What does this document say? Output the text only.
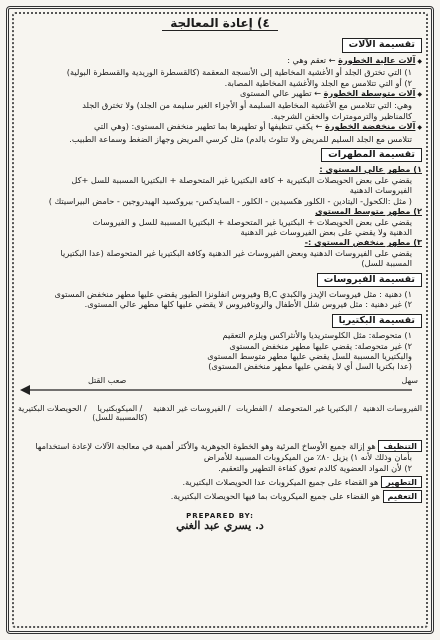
٤) إعادة المعالجة
تقسيمة الآلات

◆ آلات عالية الخطورة ← تعقم وهي :

١) التي تخترق الجلد أو الأغشية المخاطية إلى الأنسجة المعقمة (كالقسطرة الوريدية والقسطرة البولية)

٢) أو التي تتلامس مع الجلد والأغشية المخاطية المصابة.

◆ آلات متوسطة الخطورة ← تطهير عالي المستوى

وهي: التي تتلامس مع الأغشية المخاطية السليمة أو الأجزاء الغير سليمة من الجلد) ولا تخترق الجلد

كالمناظير والترمومترات والحقن الشرجية.

◆ آلات منخفضة الخطورة ← يكفي تنظيفها أو تطهيرها بما تطهير منخفض المستوى: (وهي التي

تتلامس مع الجلد السليم للمريض ولا تتلوث بالدم) مثل كرسي المريض وجهاز الضغط وسماعة الطبيب.

تقسيمة المطهرات

١) مطهر عالي المستوى :

يقضي على بعض الحويصلات البكتيرية + كافة البكتيريا غير المتحوصلة + البكتيريا المسببة للسل +كل

الفيروسات الدهنية

( مثل :الكحول- اليتادين - الكلور هكسيدين - الكلور - السايدكس- بيروكسيد الهيدروجين - حامض البيراسيتك )

٢) مطهر متوسط المستوى

يقضي على بعض الحويصلات + البكتيريا غير المتحوصلة + البكتيريا المسببة للسل و الفيروسات

الدهنية ولا يقضي على بعض الفيروسات غير الدهنية

٣) مطهر منخفض المستوى :-

يقضي على الفيروسات الدهنية وبعض الفيروسات غير الدهنية وكافة البكتيريا غير المتحوصلة (عدا البكتيريا

المسببة للسل)

تقسيمة الفيروسات

١) دهنية : مثل فيروسات الإيدز والكبدي B,C وفيروس انفلونزا الطيور يقضي عليها مطهر منخفض المستوى

٢) غير دهنية : مثل فيروس شلل الأطفال والروتافيروس لا يقضي عليها كلها مطهر عالي المستوى.

تقسيمة البكتيريا

١) متحوصلة: مثل الكلوستريديا والأنثراكس ويلزم التعقيم

٢) غير متحوصلة: يقضي عليها مطهر منخفض المستوى

والبكتيريا المسببة للسل يقضي عليها مطهر متوسط المستوى

(عدا بكتريا السل أي لا يقضي عليها مطهر منخفض المستوى)

صعب القتل	سهل
الفيروسات الدهنية
/ البكتيريا غير المتحوصلة
/ الفطريات
/ الفيروسات غير الدهنية
/ الميكوبكتيريا
(كالمسببة للسل)
/ الحويصلات البكتيرية

التنظيف هو إزالة جميع الأوساخ المرئية وهو الخطوة الجوهرية والأكثر أهمية في معالجة الآلات لإعادة استخدامها

بأمان وذلك لأنه ١) يزيل ٨٠٪ من الميكروبات المسببة للأمراض

٢) لأن المواد العضوية كالدم تعوق كفاءة التطهير والتعقيم.

التطهير هو القضاء على جميع الميكروبات عدا الحويصلات البكتيرية.

التعقيم هو القضاء على جميع الميكروبات بما فيها الحويصلات البكتيرية.

PREPARED BY:
د. يسري عبد الغني
